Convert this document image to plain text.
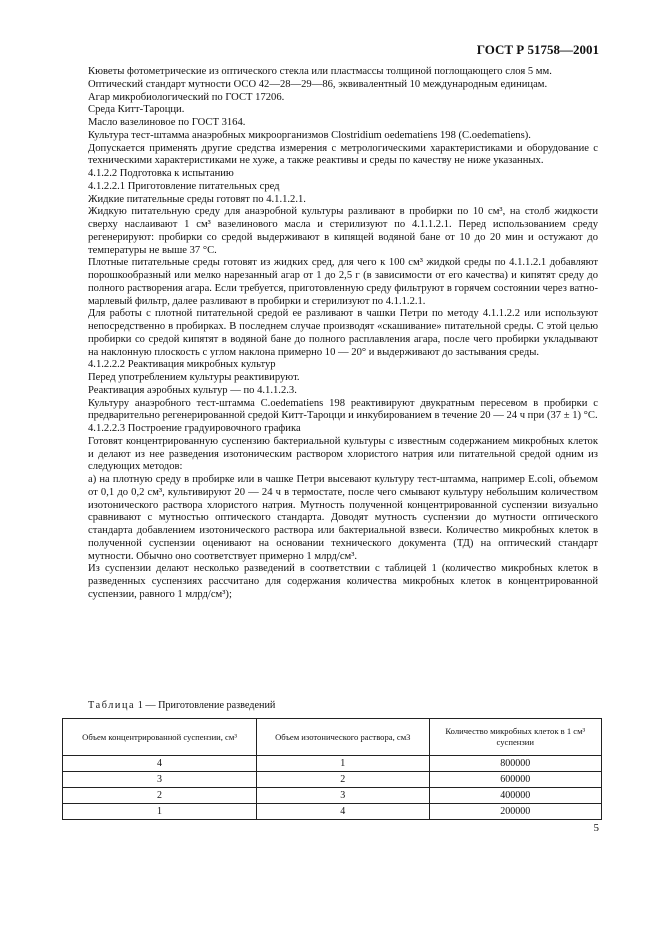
ГОСТ Р 51758—2001

Кюветы фотометрические из оптического стекла или пластмассы толщиной поглощающего слоя 5 мм.

Оптический стандарт мутности ОСО 42—28—29—86, эквивалентный 10 международным единицам.

Агар микробиологический по ГОСТ 17206.

Среда Китт-Тароцци.

Масло вазелиновое по ГОСТ 3164.

Культура тест-штамма анаэробных микроорганизмов Clostridium oedematiens 198 (C.oedematiens).

Допускается применять другие средства измерения с метрологическими характеристиками и оборудование с техническими характеристиками не хуже, а также реактивы и среды по качеству не ниже указанных.

4.1.2.2 Подготовка к испытанию

4.1.2.2.1 Приготовление питательных сред

Жидкие питательные среды готовят по 4.1.1.2.1.

Жидкую питательную среду для анаэробной культуры разливают в пробирки по 10 см³, на столб жидкости сверху наслаивают 1 см³ вазелинового масла и стерилизуют по 4.1.1.2.1. Перед использованием среду регенерируют: пробирки со средой выдерживают в кипящей водяной бане от 10 до 20 мин и остужают до температуры не выше 37 °С.

Плотные питательные среды готовят из жидких сред, для чего к 100 см³ жидкой среды по 4.1.1.2.1 добавляют порошкообразный или мелко нарезанный агар от 1 до 2,5 г (в зависимости от его качества) и кипятят среду до полного растворения агара. Если требуется, приготовленную среду фильтруют в горячем состоянии через ватно-марлевый фильтр, далее разливают в пробирки и стерилизуют по 4.1.1.2.1.

Для работы с плотной питательной средой ее разливают в чашки Петри по методу 4.1.1.2.2 или используют непосредственно в пробирках. В последнем случае производят «скашивание» питательной среды. С этой целью пробирки со средой кипятят в водяной бане до полного расплавления агара, после чего пробирки укладывают на наклонную плоскость с углом наклона примерно 10 — 20° и выдерживают до застывания среды.

4.1.2.2.2 Реактивация микробных культур

Перед употреблением культуры реактивируют.

Реактивация аэробных культур — по 4.1.1.2.3.

Культуру анаэробного тест-штамма C.oedematiens 198 реактивируют двукратным пересевом в пробирки с предварительно регенерированной средой Китт-Тароцци и инкубированием в течение 20 — 24 ч при (37 ± 1) °С.

4.1.2.2.3 Построение градуировочного графика

Готовят концентрированную суспензию бактериальной культуры с известным содержанием микробных клеток и делают из нее разведения изотоническим раствором хлористого натрия или питательной средой одним из следующих методов:

а) на плотную среду в пробирке или в чашке Петри высевают культуру тест-штамма, например E.coli, объемом от 0,1 до 0,2 см³, культивируют 20 — 24 ч в термостате, после чего смывают культуру небольшим количеством изотонического раствора хлористого натрия. Мутность полученной концентрированной суспензии визуально сравнивают с мутностью оптического стандарта. Доводят мутность суспензии до мутности оптического стандарта добавлением изотонического раствора или бактериальной взвеси. Количество микробных клеток в полученной суспензии оценивают на основании технического документа (ТД) на оптический стандарт мутности. Обычно оно соответствует примерно 1 млрд/см³.

Из суспензии делают несколько разведений в соответствии с таблицей 1 (количество микробных клеток в разведенных суспензиях рассчитано для содержания количества микробных клеток в концентрированной суспензии, равного 1 млрд/см³);

Таблица 1 — Приготовление разведений
Объем концентрированной суспензии, см³	Объем изотонического раствора, см3	Количество микробных клеток в 1 см³ суспензии
4	1	800000
3	2	600000
2	3	400000
1	4	200000
5
